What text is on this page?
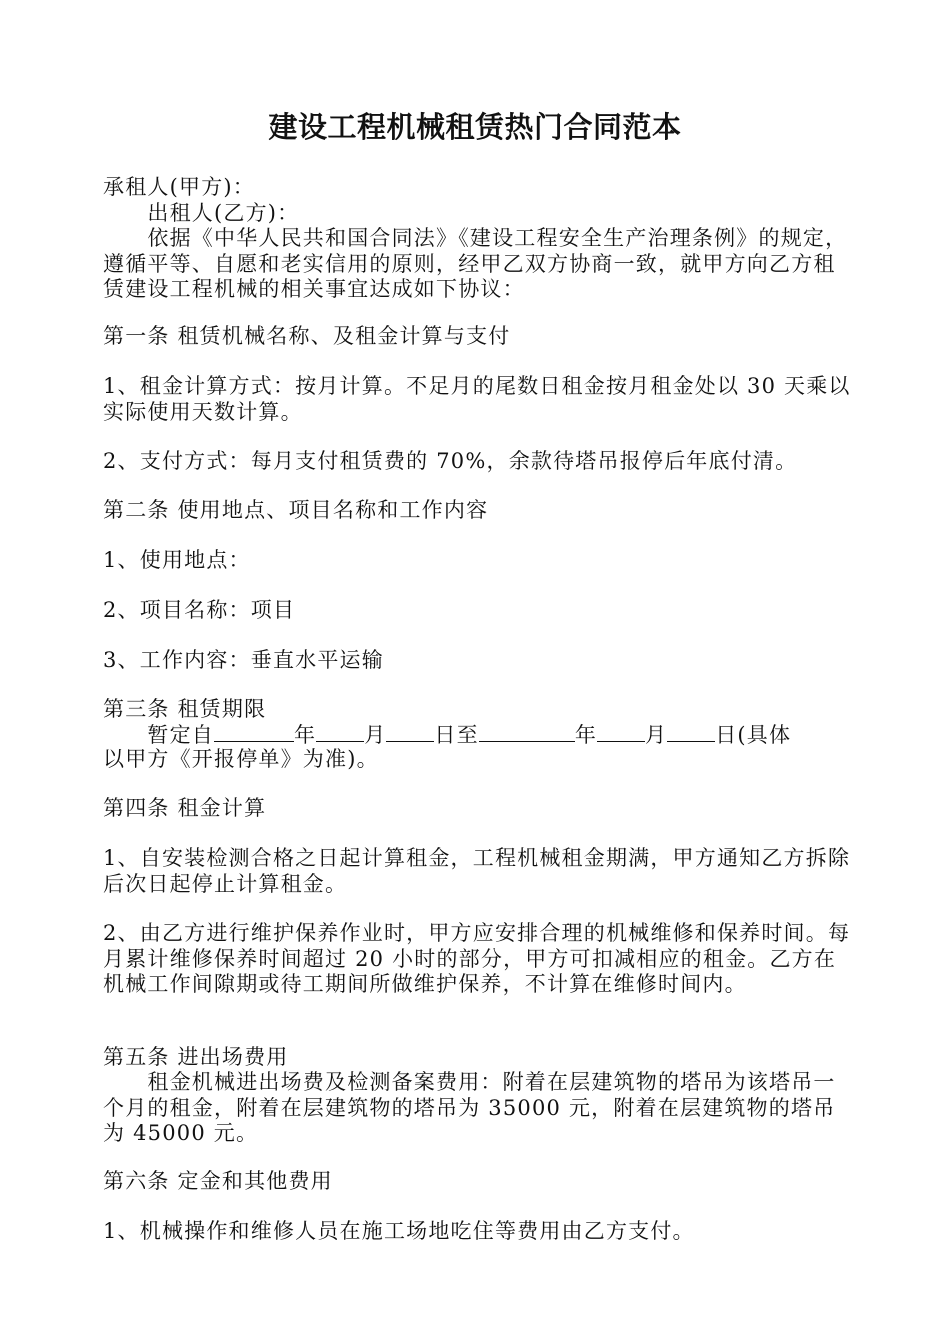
建设工程机械租赁热门合同范本
承租人(甲方)：
　　出租人(乙方)：
　　依据《中华人民共和国合同法》《建设工程安全生产治理条例》的规定，遵循平等、自愿和老实信用的原则，经甲乙双方协商一致，就甲方向乙方租赁建设工程机械的相关事宜达成如下协议：
第一条 租赁机械名称、及租金计算与支付
1、租金计算方式：按月计算。不足月的尾数日租金按月租金处以 30 天乘以实际使用天数计算。
2、支付方式：每月支付租赁费的 70%，余款待塔吊报停后年底付清。
第二条 使用地点、项目名称和工作内容
1、使用地点：
2、项目名称：项目
3、工作内容：垂直水平运输
第三条 租赁期限
　　暂定自	年 月 日至	年 月 日(具体
以甲方《开报停单》为准)。
第四条 租金计算
1、自安装检测合格之日起计算租金，工程机械租金期满，甲方通知乙方拆除后次日起停止计算租金。
2、由乙方进行维护保养作业时，甲方应安排合理的机械维修和保养时间。每月累计维修保养时间超过 20 小时的部分，甲方可扣减相应的租金。乙方在机械工作间隙期或待工期间所做维护保养，不计算在维修时间内。
第五条 进出场费用
　　租金机械进出场费及检测备案费用：附着在层建筑物的塔吊为该塔吊一个月的租金，附着在层建筑物的塔吊为 35000 元，附着在层建筑物的塔吊 为 45000 元。
第六条 定金和其他费用
1、机械操作和维修人员在施工场地吃住等费用由乙方支付。
